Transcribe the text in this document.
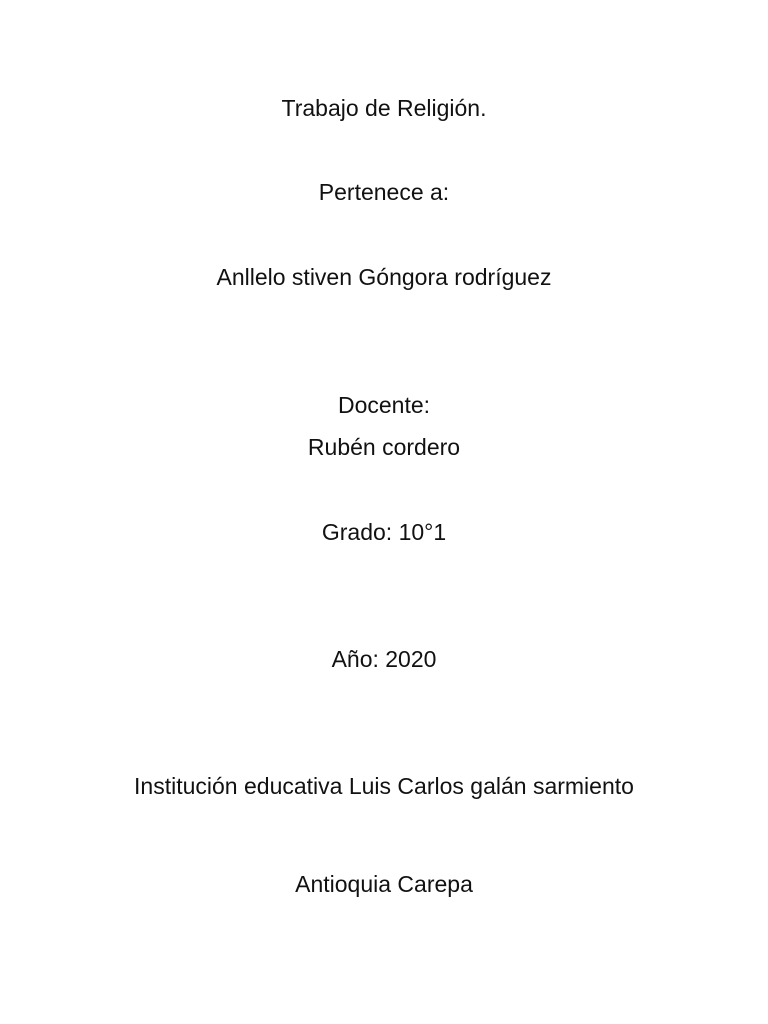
Trabajo de Religión.
Pertenece a:
Anllelo stiven Góngora rodríguez
Docente:
Rubén cordero
Grado: 10°1
Año: 2020
Institución educativa Luis Carlos galán sarmiento
Antioquia Carepa
